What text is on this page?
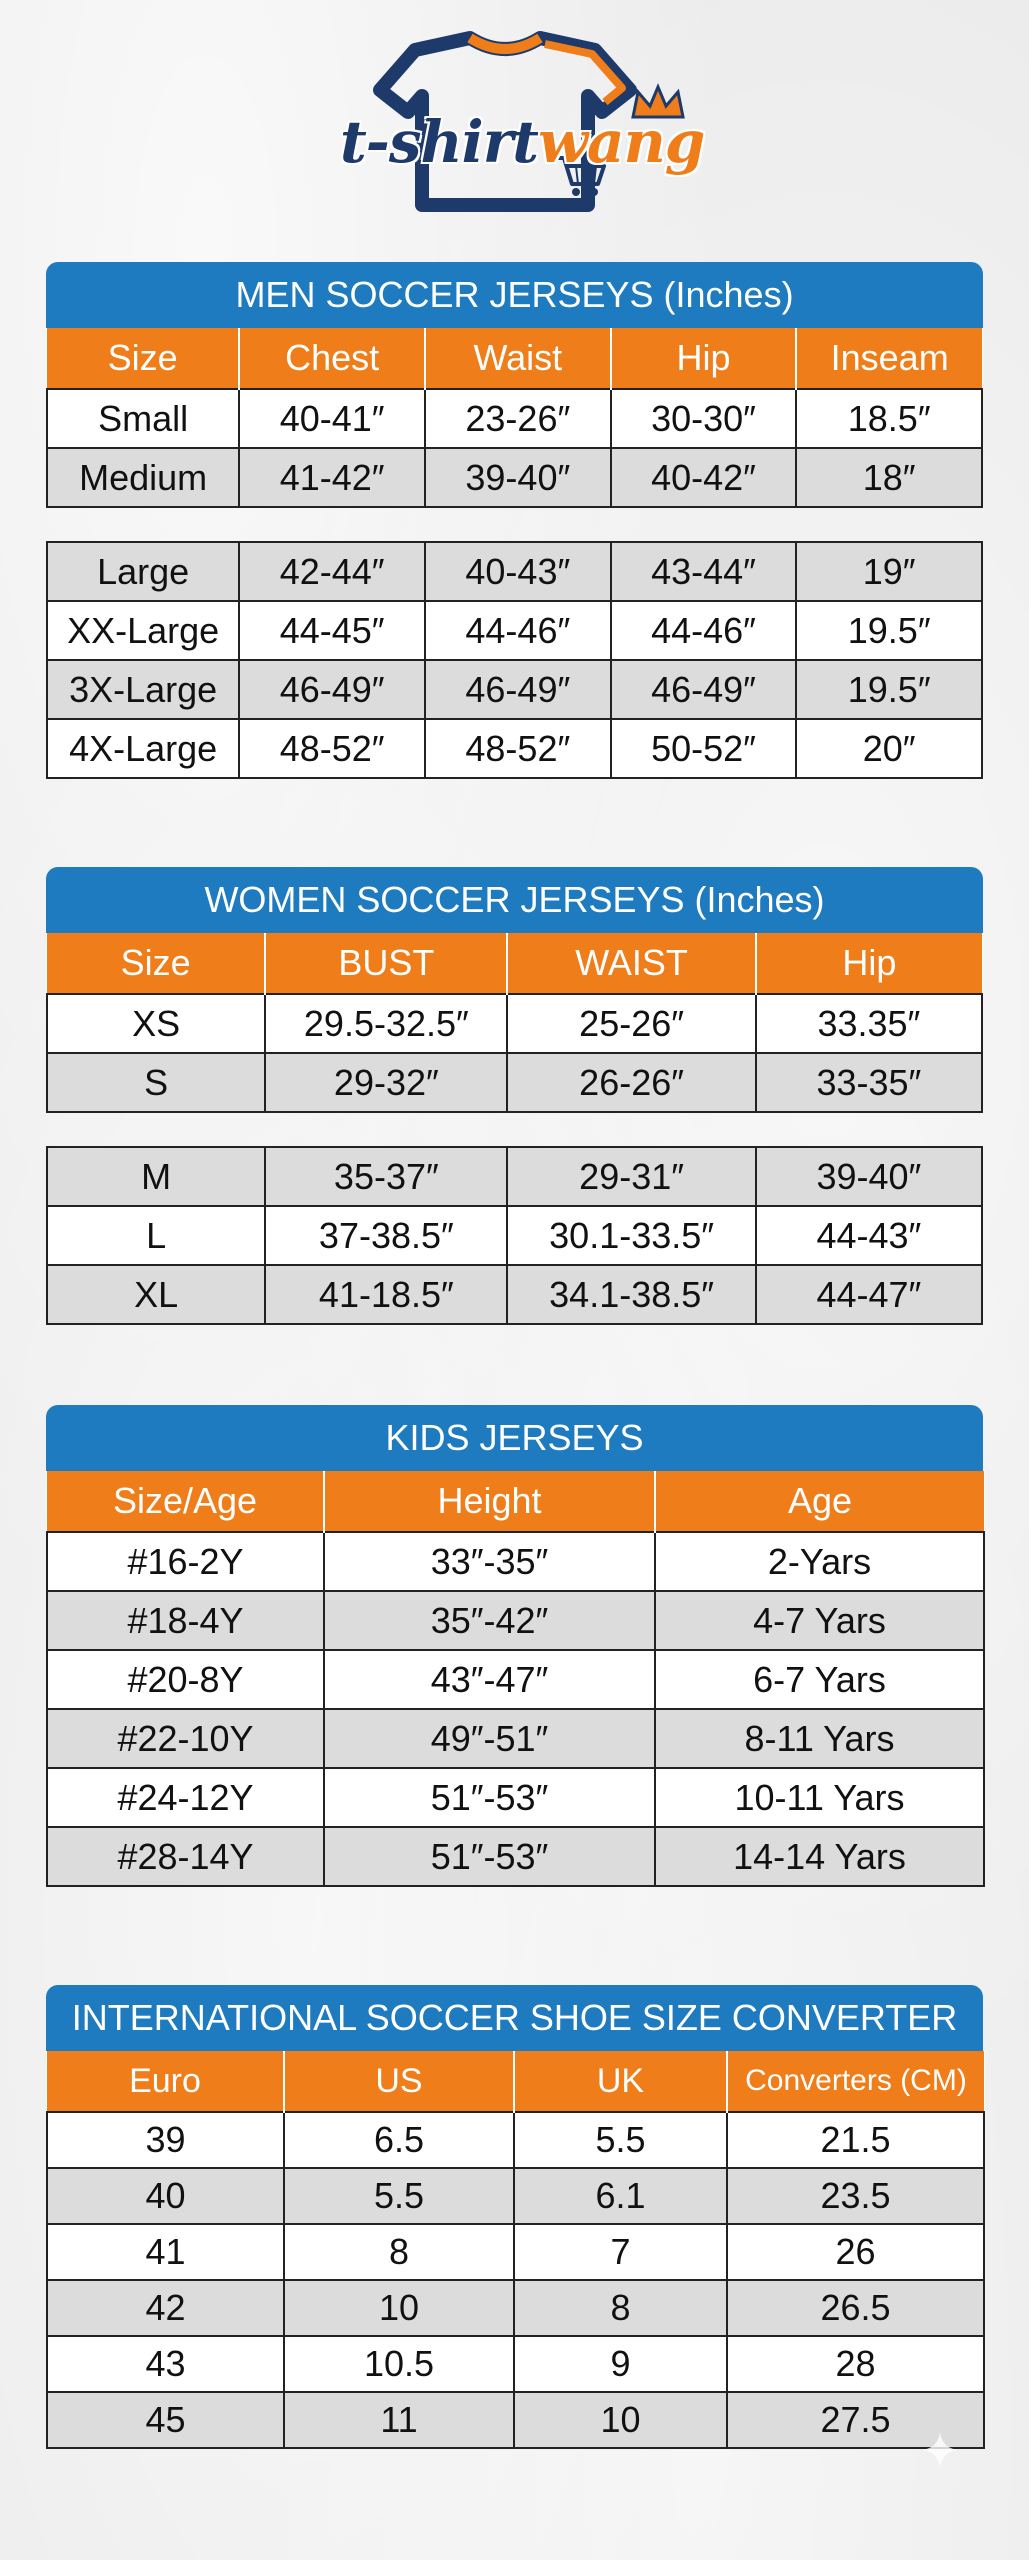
t-shirtwang
MEN SOCCER JERSEYS (Inches)
Size	Chest	Waist	Hip	Inseam
Small	40-41″	23-26″	30-30″	18.5″
Medium	41-42″	39-40″	40-42″	18″
Large	42-44″	40-43″	43-44″	19″
XX-Large	44-45″	44-46″	44-46″	19.5″
3X-Large	46-49″	46-49″	46-49″	19.5″
4X-Large	48-52″	48-52″	50-52″	20″
WOMEN SOCCER JERSEYS (Inches)
Size	BUST	WAIST	Hip
XS	29.5-32.5″	25-26″	33.35″
S	29-32″	26-26″	33-35″
M	35-37″	29-31″	39-40″
L	37-38.5″	30.1-33.5″	44-43″
XL	41-18.5″	34.1-38.5″	44-47″
KIDS JERSEYS
Size/Age	Height	Age
#16-2Y	33″-35″	2-Yars
#18-4Y	35″-42″	4-7 Yars
#20-8Y	43″-47″	6-7 Yars
#22-10Y	49″-51″	8-11 Yars
#24-12Y	51″-53″	10-11 Yars
#28-14Y	51″-53″	14-14 Yars
INTERNATIONAL SOCCER SHOE SIZE CONVERTER
Euro	US	UK	Converters (CM)
39	6.5	5.5	21.5
40	5.5	6.1	23.5
41	8	7	26
42	10	8	26.5
43	10.5	9	28
45	11	10	27.5
